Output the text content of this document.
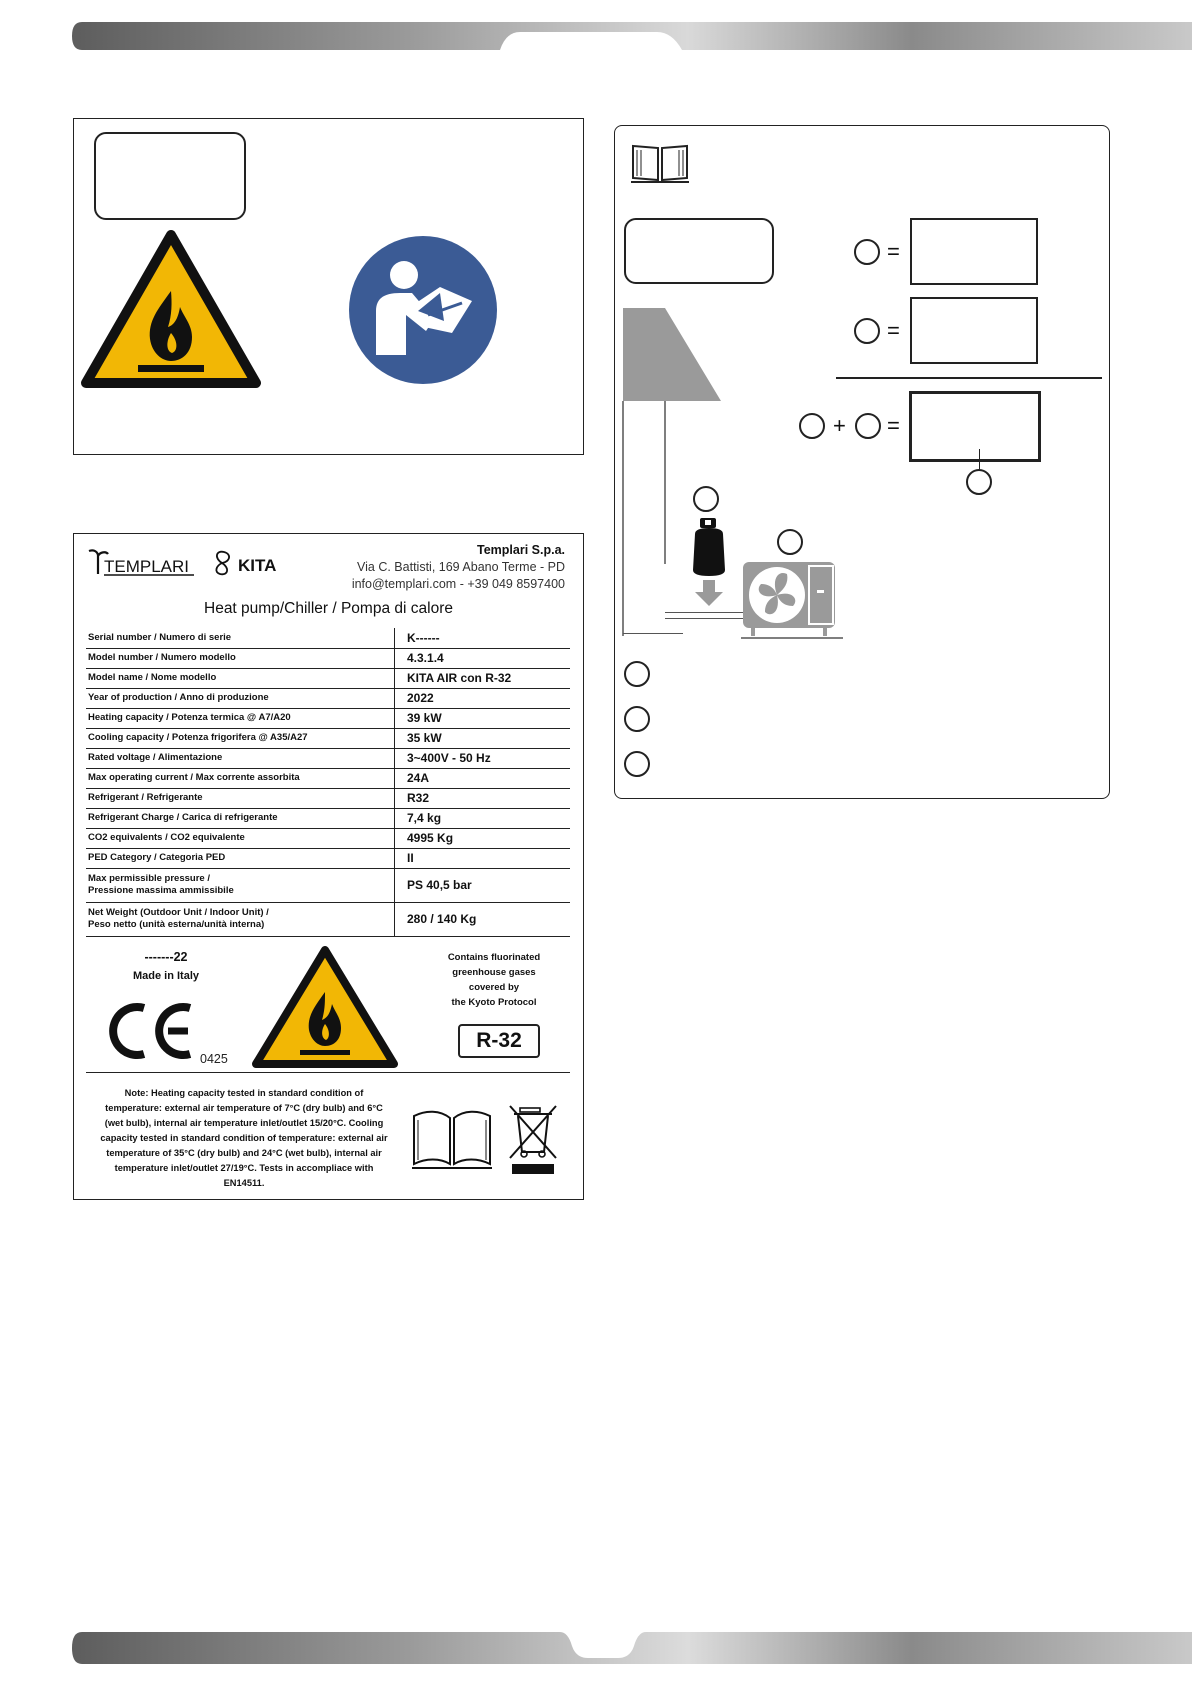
=
=
+ =
TEMPLARI	KITA
Templari S.p.a.
Via C. Battisti, 169 Abano Terme - PD
info@templari.com - +39 049 8597400
Heat pump/Chiller / Pompa di calore
Serial number / Numero di serie	K------
Model number / Numero modello	4.3.1.4
Model name / Nome modello	KITA AIR con R-32
Year of production / Anno di produzione	2022
Heating capacity / Potenza termica @ A7/A20	39 kW
Cooling capacity / Potenza frigorifera @ A35/A27	35 kW
Rated voltage / Alimentazione	3~400V - 50 Hz
Max operating current / Max corrente assorbita	24A
Refrigerant / Refrigerante	R32
Refrigerant Charge / Carica di refrigerante	7,4 kg
CO2 equivalents / CO2 equivalente	4995 Kg
PED Category / Categoria PED	II

Max permissible pressure /
Pressione massima ammissibile	PS 40,5 bar

Net Weight (Outdoor Unit / Indoor Unit) /
Peso netto (unità esterna/unità interna)	280 / 140 Kg
-------22
Made in Italy
0425
Contains fluorinated
greenhouse gases
covered by
the Kyoto Protocol
R-32
Note: Heating capacity tested in standard condition of
temperature: external air temperature of 7°C (dry bulb) and 6°C
(wet bulb), internal air temperature inlet/outlet 15/20°C. Cooling
capacity tested in standard condition of temperature: external air
temperature of 35°C (dry bulb) and 24°C (wet bulb), internal air
temperature inlet/outlet 27/19°C. Tests in accompliace with
EN14511.
